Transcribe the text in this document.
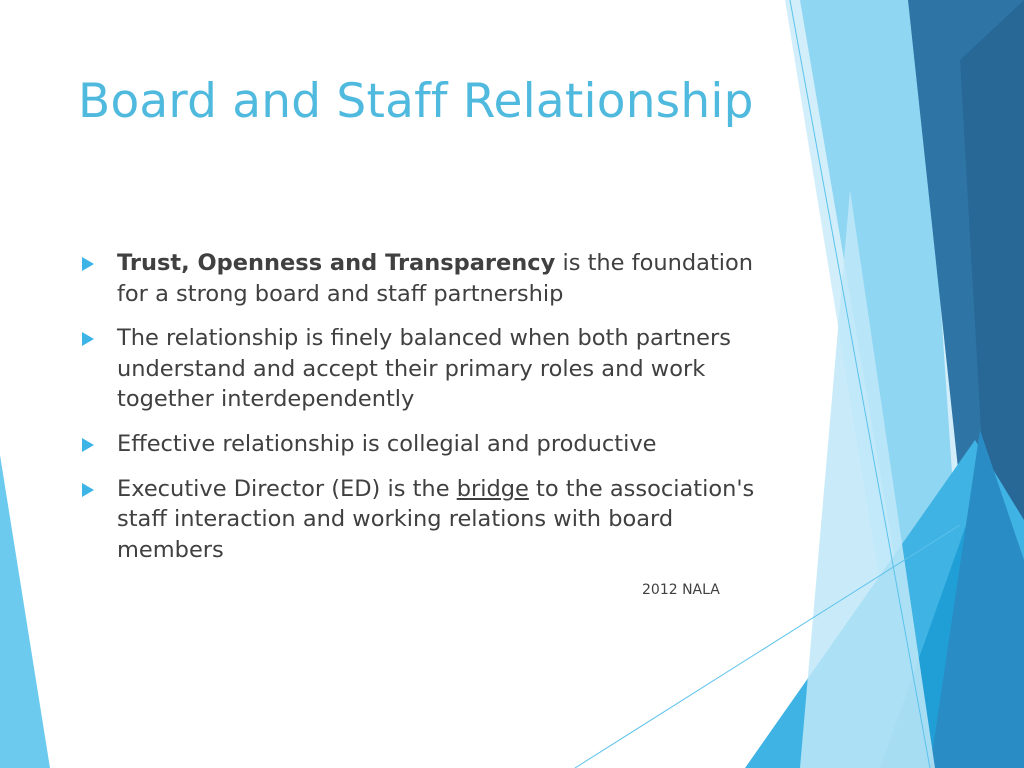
Board and Staff Relationship
Trust, Openness and Transparency is the foundation for a strong board and staff partnership
The relationship is finely balanced when both partners understand and accept their primary roles and work together interdependently
Effective relationship is collegial and productive
Executive Director (ED) is the bridge to the association's staff interaction and working relations with board members
2012 NALA
